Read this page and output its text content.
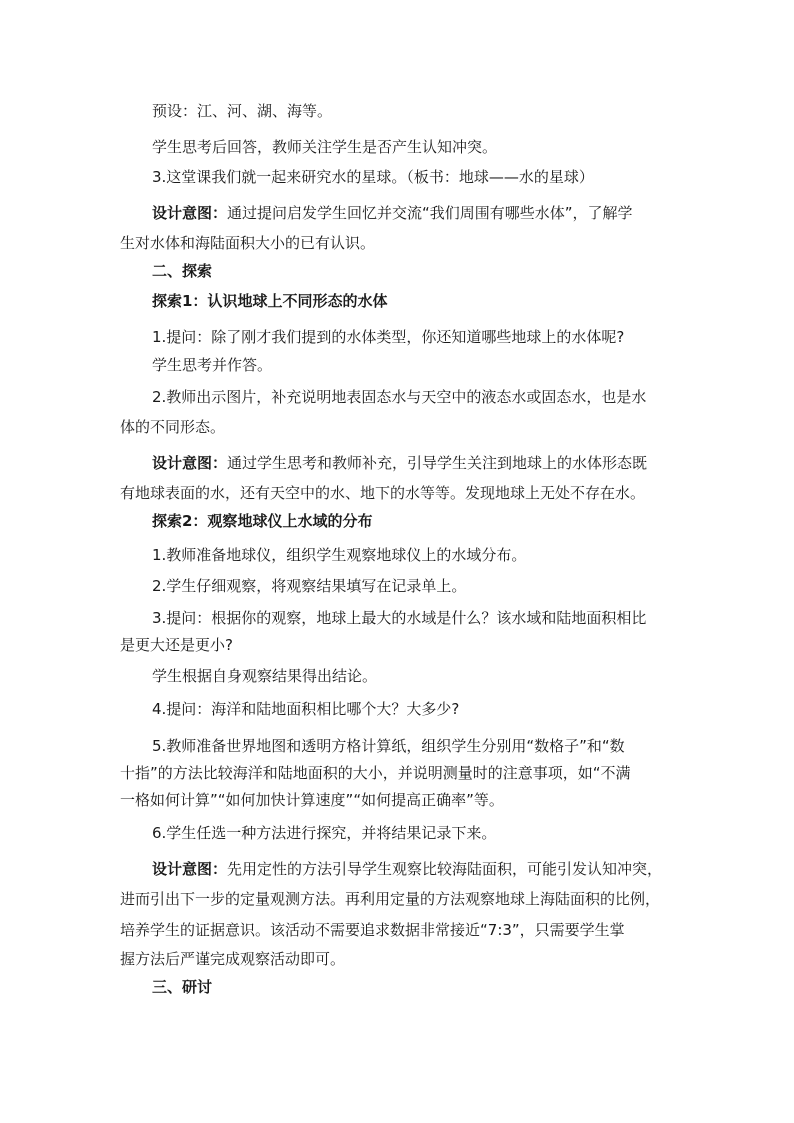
预设：江、河、湖、海等。
学生思考后回答，教师关注学生是否产生认知冲突。
3.这堂课我们就一起来研究水的星球。（板书：地球——水的星球）
设计意图：通过提问启发学生回忆并交流“我们周围有哪些水体”，了解学
生对水体和海陆面积大小的已有认识。
二、探索
探索1：认识地球上不同形态的水体
1.提问：除了刚才我们提到的水体类型，你还知道哪些地球上的水体呢?
学生思考并作答。
2.教师出示图片，补充说明地表固态水与天空中的液态水或固态水，也是水
体的不同形态。
设计意图：通过学生思考和教师补充，引导学生关注到地球上的水体形态既
有地球表面的水，还有天空中的水、地下的水等等。发现地球上无处不存在水。
探索2：观察地球仪上水域的分布
1.教师准备地球仪，组织学生观察地球仪上的水域分布。
2.学生仔细观察，将观察结果填写在记录单上。
3.提问：根据你的观察，地球上最大的水域是什么？该水域和陆地面积相比
是更大还是更小?
学生根据自身观察结果得出结论。
4.提问：海洋和陆地面积相比哪个大？大多少?
5.教师准备世界地图和透明方格计算纸，组织学生分别用“数格子”和“数
十指”的方法比较海洋和陆地面积的大小，并说明测量时的注意事项，如“不满
一格如何计算”“如何加快计算速度”“如何提高正确率”等。
6.学生任选一种方法进行探究，并将结果记录下来。
设计意图：先用定性的方法引导学生观察比较海陆面积，可能引发认知冲突，
进而引出下一步的定量观测方法。再利用定量的方法观察地球上海陆面积的比例，
培养学生的证据意识。该活动不需要追求数据非常接近“7:3”，只需要学生掌
握方法后严谨完成观察活动即可。
三、研讨
